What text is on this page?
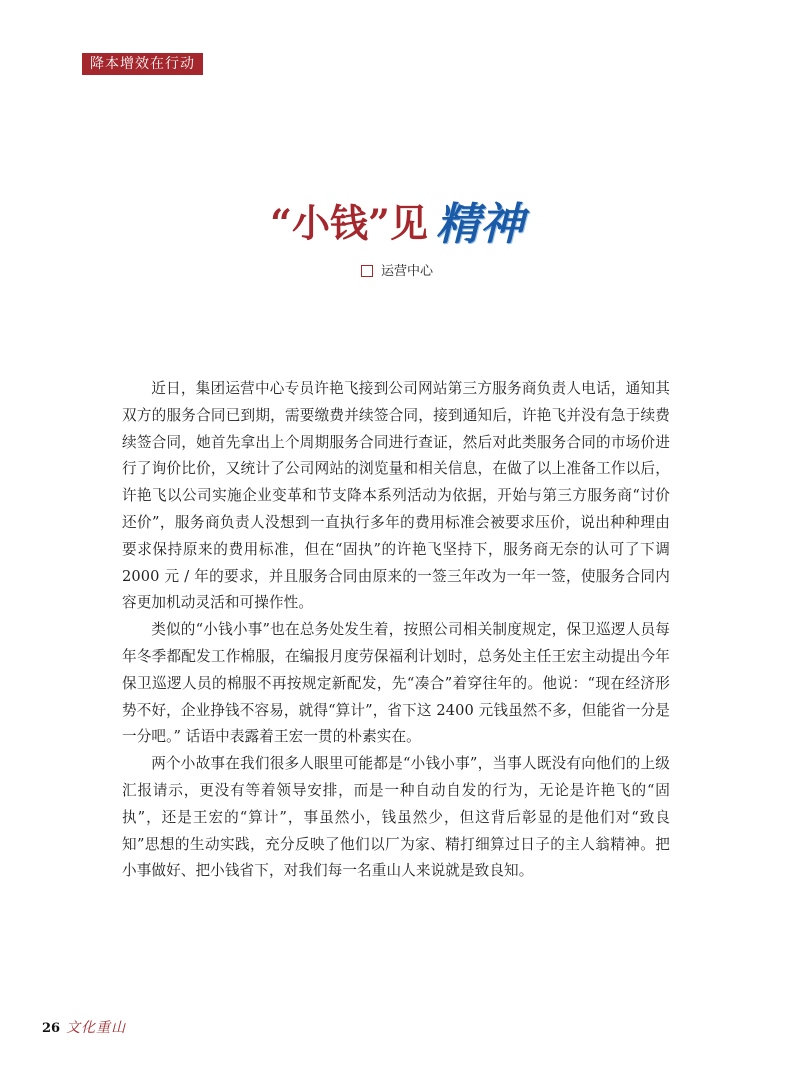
降本增效在行动
“小钱”见 精神
运营中心

近日，集团运营中心专员许艳飞接到公司网站第三方服务商负责人电话，通知其双方的服务合同已到期，需要缴费并续签合同，接到通知后，许艳飞并没有急于续费续签合同，她首先拿出上个周期服务合同进行查证，然后对此类服务合同的市场价进行了询价比价，又统计了公司网站的浏览量和相关信息，在做了以上准备工作以后，许艳飞以公司实施企业变革和节支降本系列活动为依据，开始与第三方服务商“讨价还价”，服务商负责人没想到一直执行多年的费用标准会被要求压价，说出种种理由要求保持原来的费用标准，但在“固执”的许艳飞坚持下，服务商无奈的认可了下调 2000 元 / 年的要求，并且服务合同由原来的一签三年改为一年一签，使服务合同内容更加机动灵活和可操作性。

类似的“小钱小事”也在总务处发生着，按照公司相关制度规定，保卫巡逻人员每年冬季都配发工作棉服，在编报月度劳保福利计划时，总务处主任王宏主动提出今年保卫巡逻人员的棉服不再按规定新配发，先“凑合”着穿往年的。他说：“现在经济形势不好，企业挣钱不容易，就得“算计”，省下这 2400 元钱虽然不多，但能省一分是一分吧。” 话语中表露着王宏一贯的朴素实在。

两个小故事在我们很多人眼里可能都是“小钱小事”，当事人既没有向他们的上级汇报请示，更没有等着领导安排，而是一种自动自发的行为，无论是许艳飞的“固执”，还是王宏的“算计”，事虽然小，钱虽然少，但这背后彰显的是他们对“致良知”思想的生动实践，充分反映了他们以厂为家、精打细算过日子的主人翁精神。把小事做好、把小钱省下，对我们每一名重山人来说就是致良知。

26 文化重山
